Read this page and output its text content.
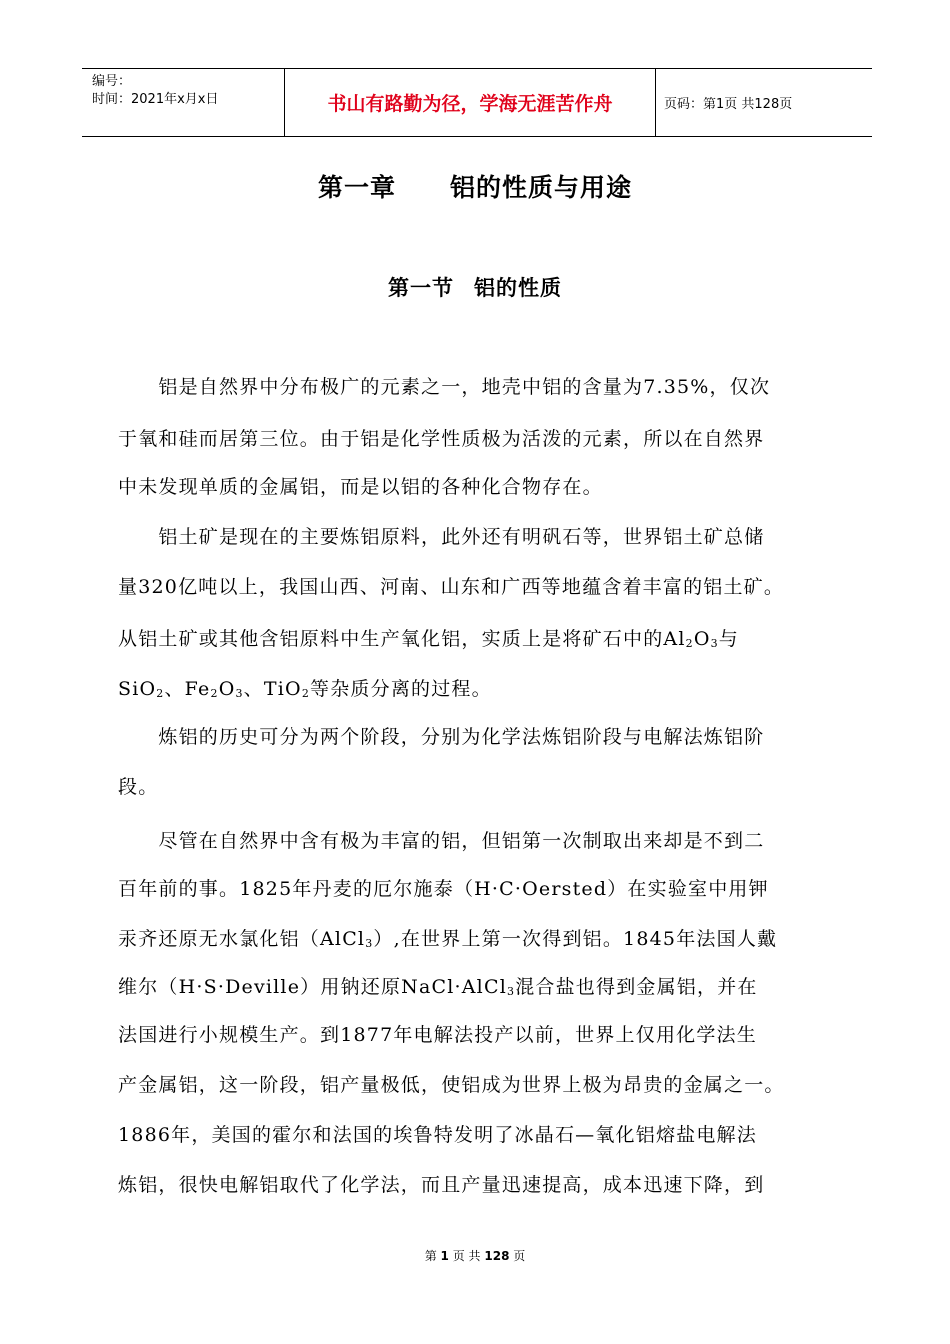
编号：
时间：2021年x月x日	书山有路勤为径，学海无涯苦作舟	页码：第1页 共128页
第一章 铝的性质与用途
第一节 铝的性质
　　铝是自然界中分布极广的元素之一，地壳中铝的含量为7.35%，仅次
于氧和硅而居第三位。由于铝是化学性质极为活泼的元素，所以在自然界
中未发现单质的金属铝，而是以铝的各种化合物存在。
　　铝土矿是现在的主要炼铝原料，此外还有明矾石等，世界铝土矿总储
量320亿吨以上，我国山西、河南、山东和广西等地蕴含着丰富的铝土矿。
从铝土矿或其他含铝原料中生产氧化铝，实质上是将矿石中的$Al_2O_3$与
SiO$_2$、$Fe_2O_3$、TiO$_2$等杂质分离的过程。
　　炼铝的历史可分为两个阶段，分别为化学法炼铝阶段与电解法炼铝阶
段。
　　尽管在自然界中含有极为丰富的铝，但铝第一次制取出来却是不到二
百年前的事。1825年丹麦的厄尔施泰（H·C·Oersted）在实验室中用钾
汞齐还原无水氯化铝（AlCl$_3$）,在世界上第一次得到铝。1845年法国人戴
维尔（H·S·Deville）用钠还原NaCl·AlCl$_3$混合盐也得到金属铝，并在
法国进行小规模生产。到1877年电解法投产以前，世界上仅用化学法生
产金属铝，这一阶段，铝产量极低，使铝成为世界上极为昂贵的金属之一。
1886年，美国的霍尔和法国的埃鲁特发明了冰晶石—氧化铝熔盐电解法
炼铝，很快电解铝取代了化学法，而且产量迅速提高，成本迅速下降，到
第 1 页 共 128 页
